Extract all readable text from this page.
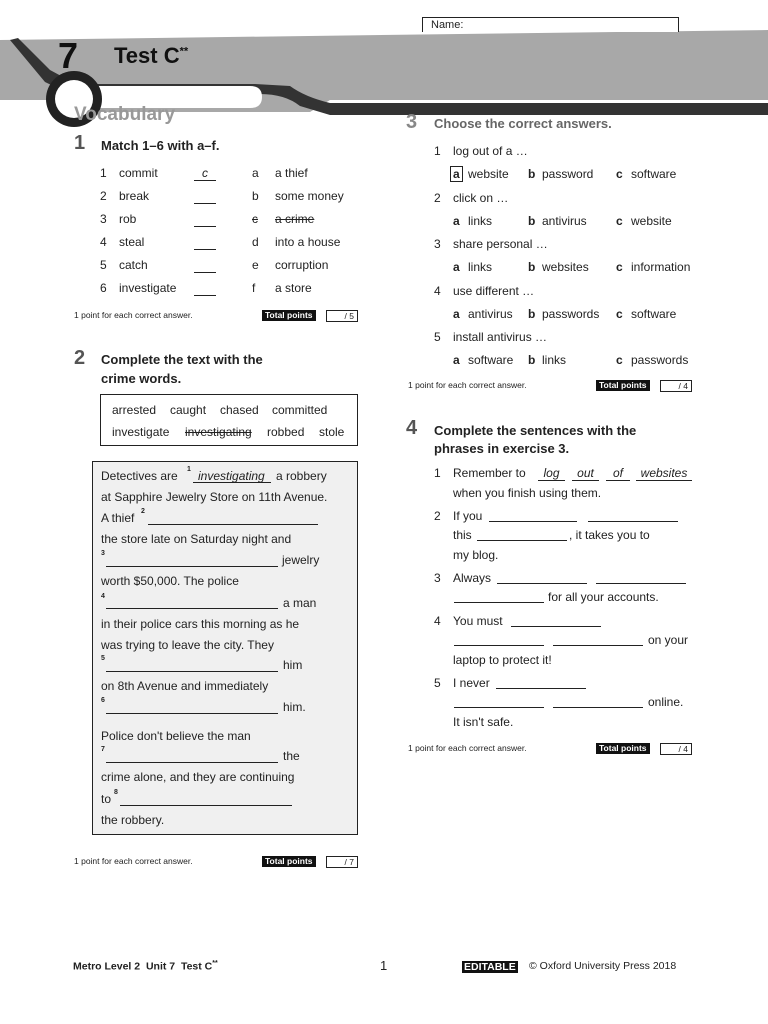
Name:
7 Test C**
Vocabulary
1 Match 1–6 with a–f.
1 point for each correct answer.	Total points	/ 5
2 Complete the text with the
crime words.
arrested caught chased committed
investigate investigating robbed stole
1 point for each correct answer.	Total points	/ 7
3 Choose the correct answers.
1 point for each correct answer.	Total points	/ 4
4 Complete the sentences with the
phrases in exercise 3.
1 Remember to	log	out	of	websites
when you finish using them.
2 If you
this	, it takes you to
my blog.
3 Always
for all your accounts.
4 You must
on your
laptop to protect it!
5 I never
online.
It isn't safe.
1 point for each correct answer.	Total points	/ 4
Metro Level 2  Unit 7  Test C**	1	EDITABLE © Oxford University Press 2018
1 commit	c	a a thief
2 break	b some money
3 rob	c a crime
4 steal	d into a house
5 catch	e corruption
6 investigate	f a store
Detectives are	a robbery
at Sapphire Jewelry Store on 11th Avenue.
A thief
the store late on Saturday night and
jewelry
worth $50,000. The police
a man
in their police cars this morning as he
was trying to leave the city. They
him
on 8th Avenue and immediately
him.
Police don't believe the man
the
crime alone, and they are continuing
to
the robbery.
1
2
3
4
5
6
7
8
investigating
1 log out of a …
a website b password c software
2 click on …
a links	b antivirus c website
3 share personal …
a links	b websites c information
4 use different …
a antivirus b passwords c software
5 install antivirus …
a software b links	c passwords
